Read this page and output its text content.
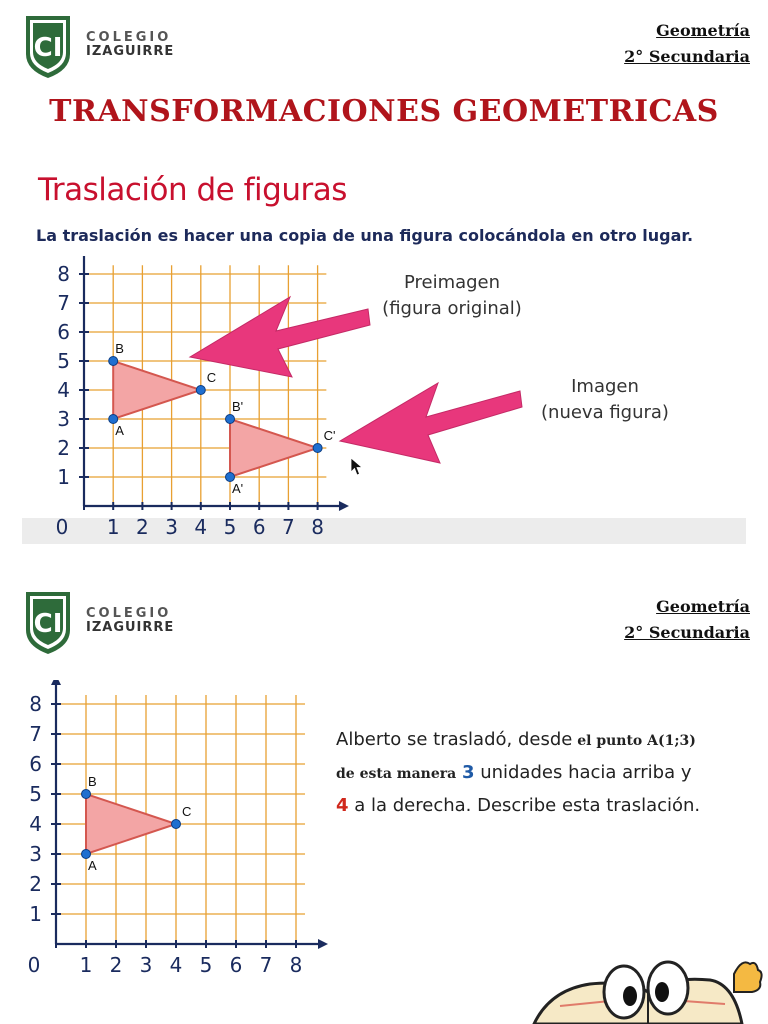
CI COLEGIO
IZAGUIRRE
Geometría
2° Secundaria
TRANSFORMACIONES GEOMETRICAS
Traslación de figuras
La traslación es hacer una copia de una figura colocándola en otro lugar.
0 1 2 3 4 5 6 7 8
1
2
3
4
5
6
7
8
A
B
C
A'
B'
C'
Preimagen
(figura original)
Imagen
(nueva figura)
CI COLEGIO
IZAGUIRRE
Geometría
2° Secundaria
0 1 2 3 4 5 6 7 8
1
2
3
4
5
6
7
8
A
B
C
Alberto se trasladó, desde el punto A(1;3)
de esta manera 3 unidades hacia arriba y
4 a la derecha. Describe esta traslación.
